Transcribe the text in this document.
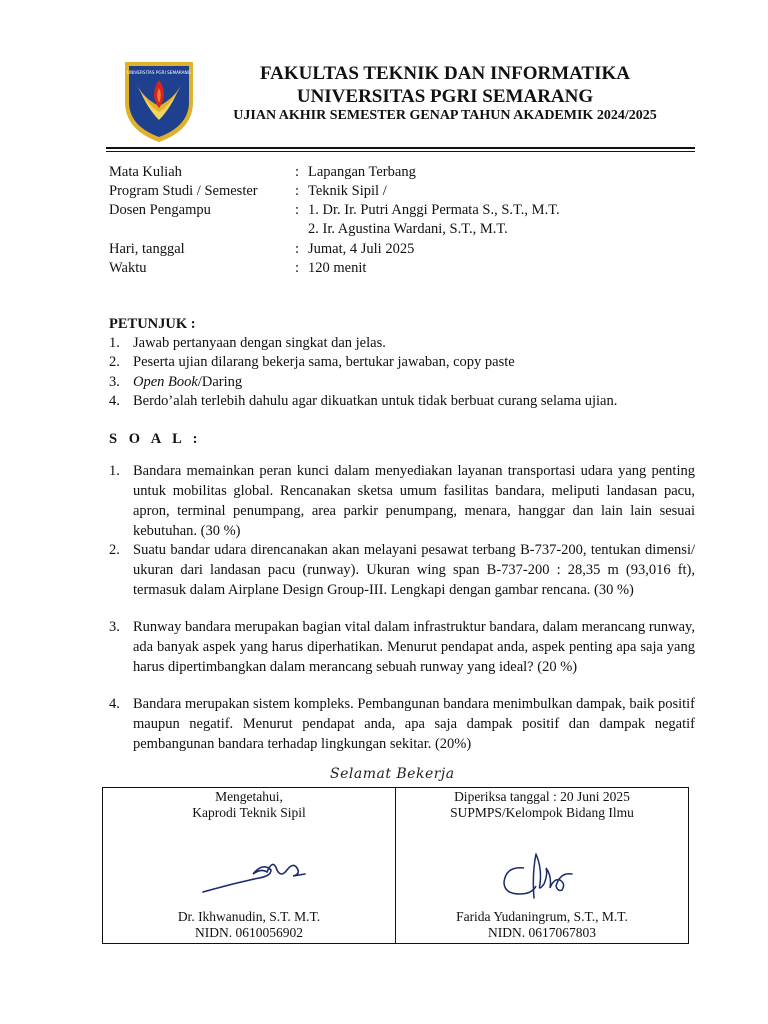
UNIVERSITAS PGRI SEMARANG	FAKULTAS TEKNIK DAN INFORMATIKA
UNIVERSITAS PGRI SEMARANG
UJIAN AKHIR SEMESTER GENAP TAHUN AKADEMIK 2024/2025
Mata Kuliah	: Lapangan Terbang
Program Studi / Semester	: Teknik Sipil /
Dosen Pengampu	: 1. Dr. Ir. Putri Anggi Permata S., S.T., M.T.
2. Ir. Agustina Wardani, S.T., M.T.
Hari, tanggal	: Jumat, 4 Juli 2025
Waktu	: 120 menit
PETUNJUK :
1. Jawab pertanyaan dengan singkat dan jelas.
2. Peserta ujian dilarang bekerja sama, bertukar jawaban, copy paste
3. Open Book/Daring
4. Berdo’alah terlebih dahulu agar dikuatkan untuk tidak berbuat curang selama ujian.
S O A L :
1. Bandara memainkan peran kunci dalam menyediakan layanan transportasi udara yang penting untuk mobilitas global. Rencanakan sketsa umum fasilitas bandara, meliputi landasan pacu, apron, terminal penumpang, area parkir penumpang, menara, hanggar dan lain lain sesuai kebutuhan. (30 %)
2. Suatu bandar udara direncanakan akan melayani pesawat terbang B-737-200, tentukan dimensi/ ukuran dari landasan pacu (runway). Ukuran wing span B-737-200 : 28,35 m (93,016 ft), termasuk dalam Airplane Design Group-III. Lengkapi dengan gambar rencana. (30 %)
3. Runway bandara merupakan bagian vital dalam infrastruktur bandara, dalam merancang runway, ada banyak aspek yang harus diperhatikan. Menurut pendapat anda, aspek penting apa saja yang harus dipertimbangkan dalam merancang sebuah runway yang ideal? (20 %)
4. Bandara merupakan sistem kompleks. Pembangunan bandara menimbulkan dampak, baik positif maupun negatif. Menurut pendapat anda, apa saja dampak positif dan dampak negatif pembangunan bandara terhadap lingkungan sekitar. (20%)
Selamat Bekerja
Mengetahui,
Kaprodi Teknik Sipil
Dr. Ikhwanudin, S.T. M.T.
NIDN. 0610056902

Diperiksa tanggal : 20 Juni 2025
SUPMPS/Kelompok Bidang Ilmu
Farida Yudaningrum, S.T., M.T.
NIDN. 0617067803
